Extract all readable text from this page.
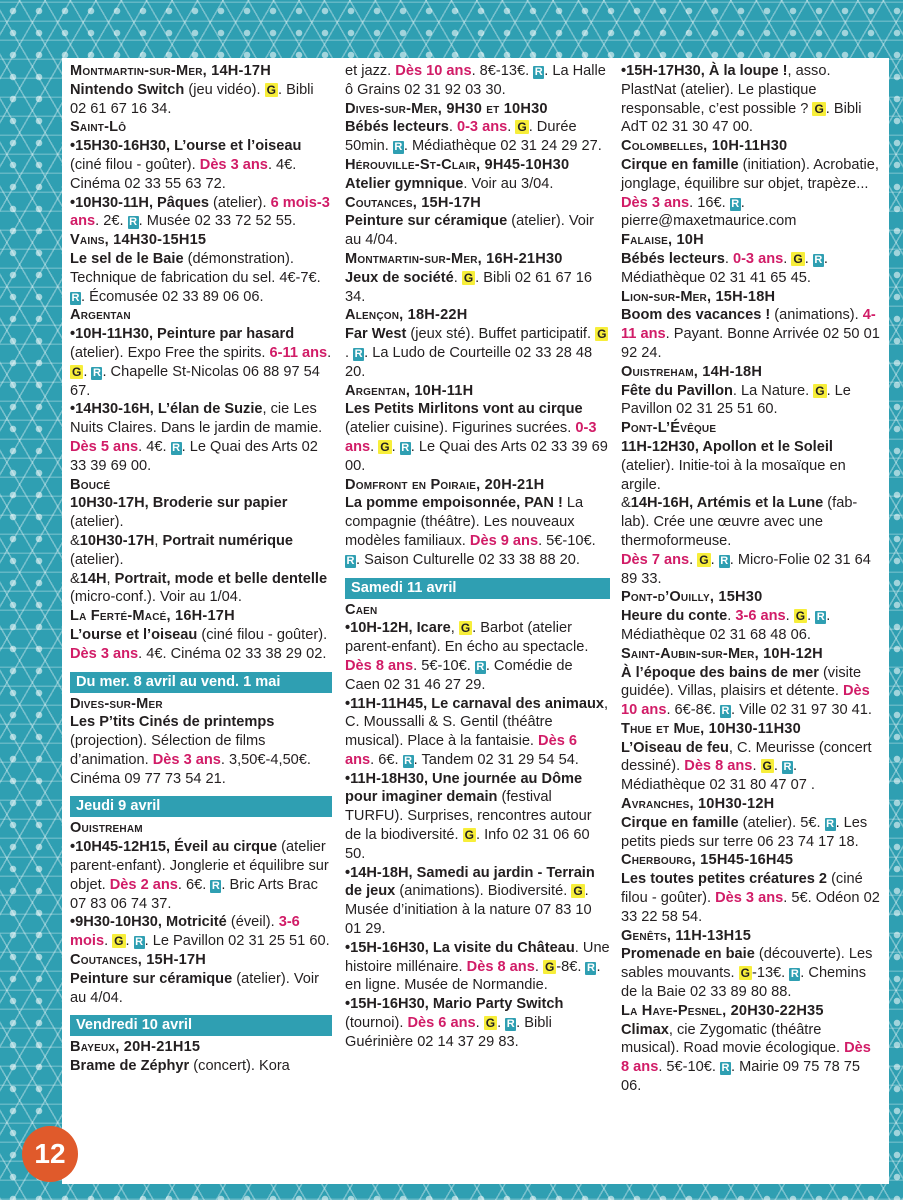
Montmartin-sur-Mer, 14H-17H

Nintendo Switch (jeu vidéo). G . Bibli 02 61 67 16 34.

Saint-Lô

•15H30-16H30, L’ourse et l’oiseau (ciné filou - goûter). Dès 3 ans. 4€. Cinéma 02 33 55 63 72.

•10H30-11H, Pâques (atelier). 6 mois-3 ans. 2€. R . Musée 02 33 72 52 55.

Vains, 14H30-15H15

Le sel de le Baie (démonstration). Technique de fabrication du sel. 4€-7€. R . Écomusée 02 33 89 06 06.

Argentan

•10H-11H30, Peinture par hasard (atelier). Expo Free the spirits. 6-11 ans. G . R . Chapelle St-Nicolas 06 88 97 54 67.

•14H30-16H, L’élan de Suzie, cie Les Nuits Claires. Dans le jardin de mamie. Dès 5 ans. 4€. R . Le Quai des Arts 02 33 39 69 00.

Boucé

10H30-17H, Broderie sur papier (atelier).

&10H30-17H, Portrait numérique (atelier).

&14H, Portrait, mode et belle dentelle (micro-conf.). Voir au 1/04.

La Ferté-Macé, 16H-17H

L’ourse et l’oiseau (ciné filou - goûter). Dès 3 ans. 4€. Cinéma 02 33 38 29 02.

Du mer. 8 avril au vend. 1 mai

Dives-sur-Mer

Les P’tits Cinés de printemps (projection). Sélection de films d’animation. Dès 3 ans. 3,50€-4,50€. Cinéma 09 77 73 54 21.

Jeudi 9 avril

Ouistreham

•10H45-12H15, Éveil au cirque (atelier parent-enfant). Jonglerie et équilibre sur objet. Dès 2 ans. 6€. R . Bric Arts Brac 07 83 06 74 37.

•9H30-10H30, Motricité (éveil). 3-6 mois. G . R . Le Pavillon 02 31 25 51 60.

Coutances, 15H-17H

Peinture sur céramique (atelier). Voir au 4/04.

Vendredi 10 avril

Bayeux, 20H-21H15

Brame de Zéphyr (concert). Kora

et jazz. Dès 10 ans. 8€-13€. R . La Halle ô Grains 02 31 92 03 30.

Dives-sur-Mer, 9H30 et 10H30

Bébés lecteurs. 0-3 ans. G . Durée 50min. R . Médiathèque 02 31 24 29 27.

Hérouville-St-Clair, 9H45-10H30

Atelier gymnique. Voir au 3/04.

Coutances, 15H-17H

Peinture sur céramique (atelier). Voir au 4/04.

Montmartin-sur-Mer, 16H-21H30

Jeux de société. G . Bibli 02 61 67 16 34.

Alençon, 18H-22H

Far West (jeux sté). Buffet participatif. G. R . La Ludo de Courteille 02 33 28 48 20.

Argentan, 10H-11H

Les Petits Mirlitons vont au cirque (atelier cuisine). Figurines sucrées. 0-3 ans. G . R . Le Quai des Arts 02 33 39 69 00.

Domfront en Poiraie, 20H-21H

La pomme empoisonnée, PAN ! La compagnie (théâtre). Les nouveaux modèles familiaux. Dès 9 ans. 5€-10€. R . Saison Culturelle 02 33 38 88 20.

Samedi 11 avril

Caen

•10H-12H, Icare, G . Barbot (atelier parent-enfant). En écho au spectacle. Dès 8 ans. 5€-10€. R . Comédie de Caen 02 31 46 27 29.

•11H-11H45, Le carnaval des animaux, C. Moussalli & S. Gentil (théâtre musical). Place à la fantaisie. Dès 6 ans. 6€. R . Tandem 02 31 29 54 54.

•11H-18H30, Une journée au Dôme pour imaginer demain (festival TURFU). Surprises, rencontres autour de la biodiversité. G . Info 02 31 06 60 50.

•14H-18H, Samedi au jardin - Terrain de jeux (animations). Biodiversité. G . Musée d’initiation à la nature 07 83 10 01 29.

•15H-16H30, La visite du Château. Une histoire millénaire. Dès 8 ans. G -8€. R . en ligne. Musée de Normandie.

•15H-16H30, Mario Party Switch (tournoi). Dès 6 ans. G . R . Bibli Guérinière 02 14 37 29 83.

•15H-17H30, À la loupe !, asso. PlastNat (atelier). Le plastique responsable, c’est possible ? G . Bibli AdT 02 31 30 47 00.

Colombelles, 10H-11H30

Cirque en famille (initiation). Acrobatie, jonglage, équilibre sur objet, trapèze... Dès 3 ans. 16€. R . pierre@maxetmaurice.com

Falaise, 10H

Bébés lecteurs. 0-3 ans. G . R . Médiathèque 02 31 41 65 45.

Lion-sur-Mer, 15H-18H

Boom des vacances ! (animations). 4-11 ans. Payant. Bonne Arrivée 02 50 01 92 24.

Ouistreham, 14H-18H

Fête du Pavillon. La Nature. G . Le Pavillon 02 31 25 51 60.

Pont-L’Évêque

11H-12H30, Apollon et le Soleil (atelier). Initie-toi à la mosaïque en argile.

&14H-16H, Artémis et la Lune (fab-lab). Crée une œuvre avec une thermoformeuse.

Dès 7 ans. G . R . Micro-Folie 02 31 64 89 33.

Pont-d’Ouilly, 15H30

Heure du conte. 3-6 ans. G . R . Médiathèque 02 31 68 48 06.

Saint-Aubin-sur-Mer, 10H-12H

À l’époque des bains de mer (visite guidée). Villas, plaisirs et détente. Dès 10 ans. 6€-8€. R . Ville 02 31 97 30 41.

Thue et Mue, 10H30-11H30

L’Oiseau de feu, C. Meurisse (concert dessiné). Dès 8 ans. G . R . Médiathèque 02 31 80 47 07 .

Avranches, 10H30-12H

Cirque en famille (atelier). 5€. R . Les petits pieds sur terre 06 23 74 17 18.

Cherbourg, 15H45-16H45

Les toutes petites créatures 2 (ciné filou - goûter). Dès 3 ans. 5€. Odéon 02 33 22 58 54.

Genêts, 11H-13H15

Promenade en baie (découverte). Les sables mouvants. G -13€. R . Chemins de la Baie 02 33 89 80 88.

La Haye-Pesnel, 20H30-22H35

Climax, cie Zygomatic (théâtre musical). Road movie écologique. Dès 8 ans. 5€-10€. R . Mairie 09 75 78 75 06.

12
